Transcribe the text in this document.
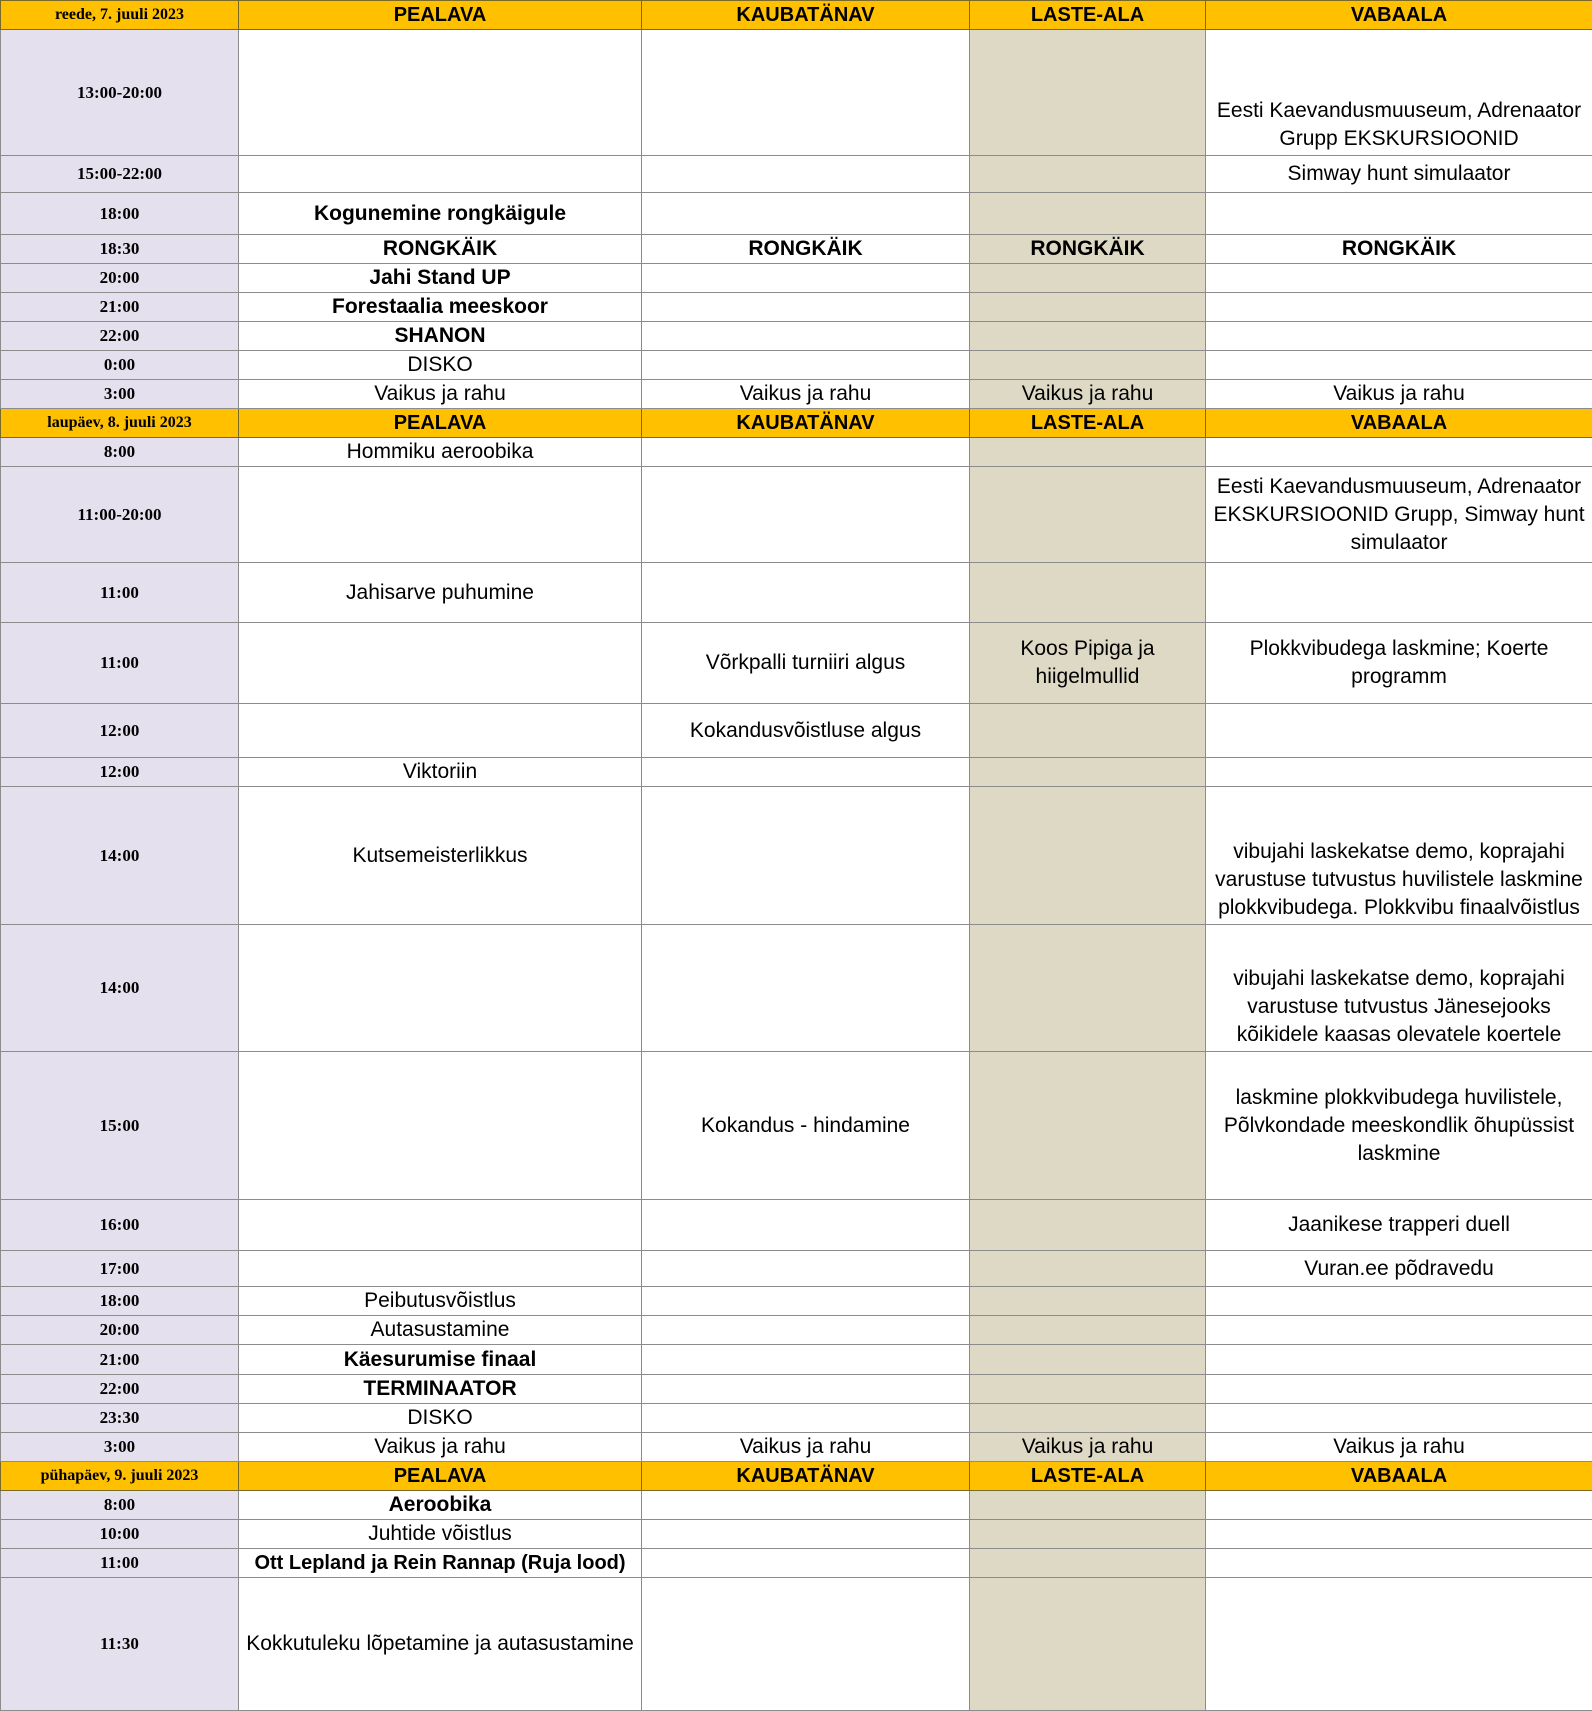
reede, 7. juuli 2023	PEALAVA	KAUBATÄNAV	LASTE-ALA	VABAALA
13:00-20:00				Eesti Kaevandusmuuseum, Adrenaator Grupp EKSKURSIOONID
15:00-22:00				Simway hunt simulaator
18:00	Kogunemine rongkäigule			
18:30	RONGKÄIK	RONGKÄIK	RONGKÄIK	RONGKÄIK
20:00	Jahi Stand UP			
21:00	Forestaalia meeskoor			
22:00	SHANON			
0:00	DISKO			
3:00	Vaikus ja rahu	Vaikus ja rahu	Vaikus ja rahu	Vaikus ja rahu
laupäev, 8. juuli 2023	PEALAVA	KAUBATÄNAV	LASTE-ALA	VABAALA
8:00	Hommiku aeroobika			
11:00-20:00				Eesti Kaevandusmuuseum, Adrenaator EKSKURSIOONID Grupp, Simway hunt simulaator
11:00	Jahisarve puhumine			
11:00		Võrkpalli turniiri algus	Koos Pipiga ja hiigelmullid	Plokkvibudega laskmine; Koerte programm
12:00		Kokandusvõistluse algus		
12:00	Viktoriin			
14:00	Kutsemeisterlikkus			vibujahi laskekatse demo, koprajahi varustuse tutvustus huvilistele laskmine plokkvibudega. Plokkvibu finaalvõistlus
14:00				vibujahi laskekatse demo, koprajahi varustuse tutvustus Jänesejooks kõikidele kaasas olevatele koertele
15:00		Kokandus - hindamine		laskmine plokkvibudega huvilistele, Põlvkondade meeskondlik õhupüssist laskmine
16:00				Jaanikese trapperi duell
17:00				Vuran.ee põdravedu
18:00	Peibutusvõistlus			
20:00	Autasustamine			
21:00	Käesurumise finaal			
22:00	TERMINAATOR			
23:30	DISKO			
3:00	Vaikus ja rahu	Vaikus ja rahu	Vaikus ja rahu	Vaikus ja rahu
pühapäev, 9. juuli 2023	PEALAVA	KAUBATÄNAV	LASTE-ALA	VABAALA
8:00	Aeroobika			
10:00	Juhtide võistlus			
11:00	Ott Lepland ja Rein Rannap (Ruja lood)			
11:30	Kokkutuleku lõpetamine ja autasustamine			
